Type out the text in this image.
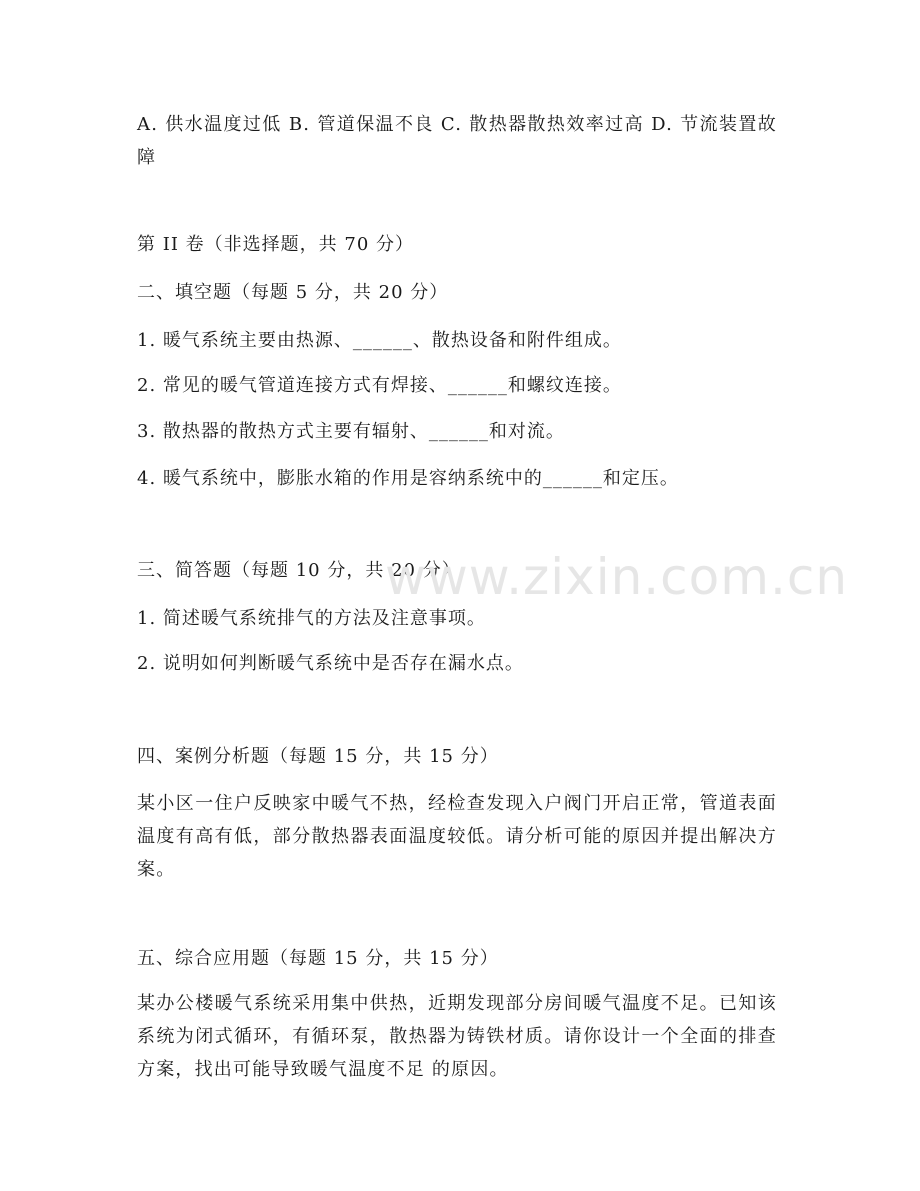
A. 供水温度过低 B. 管道保温不良 C. 散热器散热效率过高 D. 节流装置故障
第 II 卷（非选择题，共 70 分）
二、填空题（每题 5 分，共 20 分）
1. 暖气系统主要由热源、______、散热设备和附件组成。
2. 常见的暖气管道连接方式有焊接、______和螺纹连接。
3. 散热器的散热方式主要有辐射、______和对流。
4. 暖气系统中，膨胀水箱的作用是容纳系统中的______和定压。
三、简答题（每题 10 分，共 20 分）
1. 简述暖气系统排气的方法及注意事项。
2. 说明如何判断暖气系统中是否存在漏水点。
四、案例分析题（每题 15 分，共 15 分）
某小区一住户反映家中暖气不热，经检查发现入户阀门开启正常，管道表面温度有高有低，部分散热器表面温度较低。请分析可能的原因并提出解决方案。
五、综合应用题（每题 15 分，共 15 分）
某办公楼暖气系统采用集中供热，近期发现部分房间暖气温度不足。已知该系统为闭式循环，有循环泵，散热器为铸铁材质。请你设计一个全面的排查方案，找出可能导致暖气温度不足 的原因。
www.zixin.com.cn
